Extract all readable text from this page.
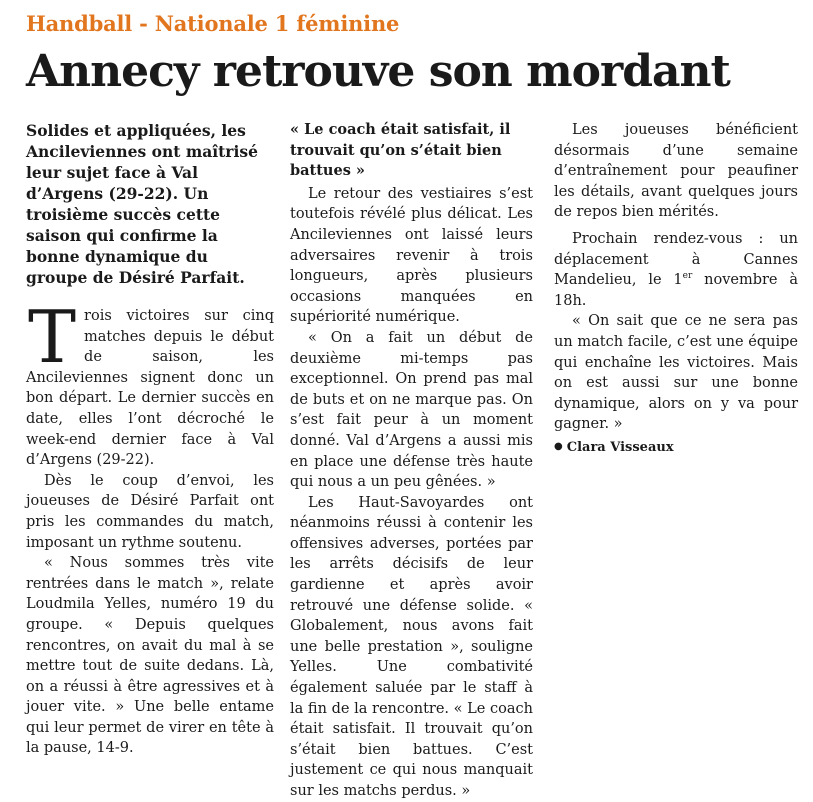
Handball - Nationale 1 féminine
Annecy retrouve son mordant

Solides et appliquées, les Ancileviennes ont maîtrisé leur sujet face à Val d’Argens (29-22). Un troisième succès cette saison qui confirme la bonne dynamique du groupe de Désiré Parfait.

Trois victoires sur cinq matches depuis le début de saison, les Ancileviennes signent donc un bon départ. Le dernier succès en date, elles l’ont décroché le week-end dernier face à Val d’Argens (29-22).

Dès le coup d’envoi, les joueuses de Désiré Parfait ont pris les commandes du match, imposant un rythme soutenu.

« Nous sommes très vite rentrées dans le match », relate Loudmila Yelles, numéro 19 du groupe. « Depuis quelques rencontres, on avait du mal à se mettre tout de suite dedans. Là, on a réussi à être agressives et à jouer vite. » Une belle entame qui leur permet de virer en tête à la pause, 14-9.

« Le coach était satisfait, il trouvait qu’on s’était bien battues »

Le retour des vestiaires s’est toutefois révélé plus délicat. Les Ancileviennes ont laissé leurs adversaires revenir à trois longueurs, après plusieurs occasions manquées en supériorité numérique.

« On a fait un début de deuxième mi-temps pas exceptionnel. On prend pas mal de buts et on ne marque pas. On s’est fait peur à un moment donné. Val d’Argens a aussi mis en place une défense très haute qui nous a un peu gênées. »

Les Haut-Savoyardes ont néanmoins réussi à contenir les offensives adverses, portées par les arrêts décisifs de leur gardienne et après avoir retrouvé une défense solide. « Globalement, nous avons fait une belle prestation », souligne Yelles. Une combativité également saluée par le staff à la fin de la rencontre. « Le coach était satisfait. Il trouvait qu’on s’était bien battues. C’est justement ce qui nous manquait sur les matchs perdus. »

Les joueuses bénéficient désormais d’une semaine d’entraînement pour peaufiner les détails, avant quelques jours de repos bien mérités.

Prochain rendez-vous : un déplacement à Cannes Mandelieu, le 1er novembre à 18h.

« On sait que ce ne sera pas un match facile, c’est une équipe qui enchaîne les victoires. Mais on est aussi sur une bonne dynamique, alors on y va pour gagner. »

● Clara Visseaux
